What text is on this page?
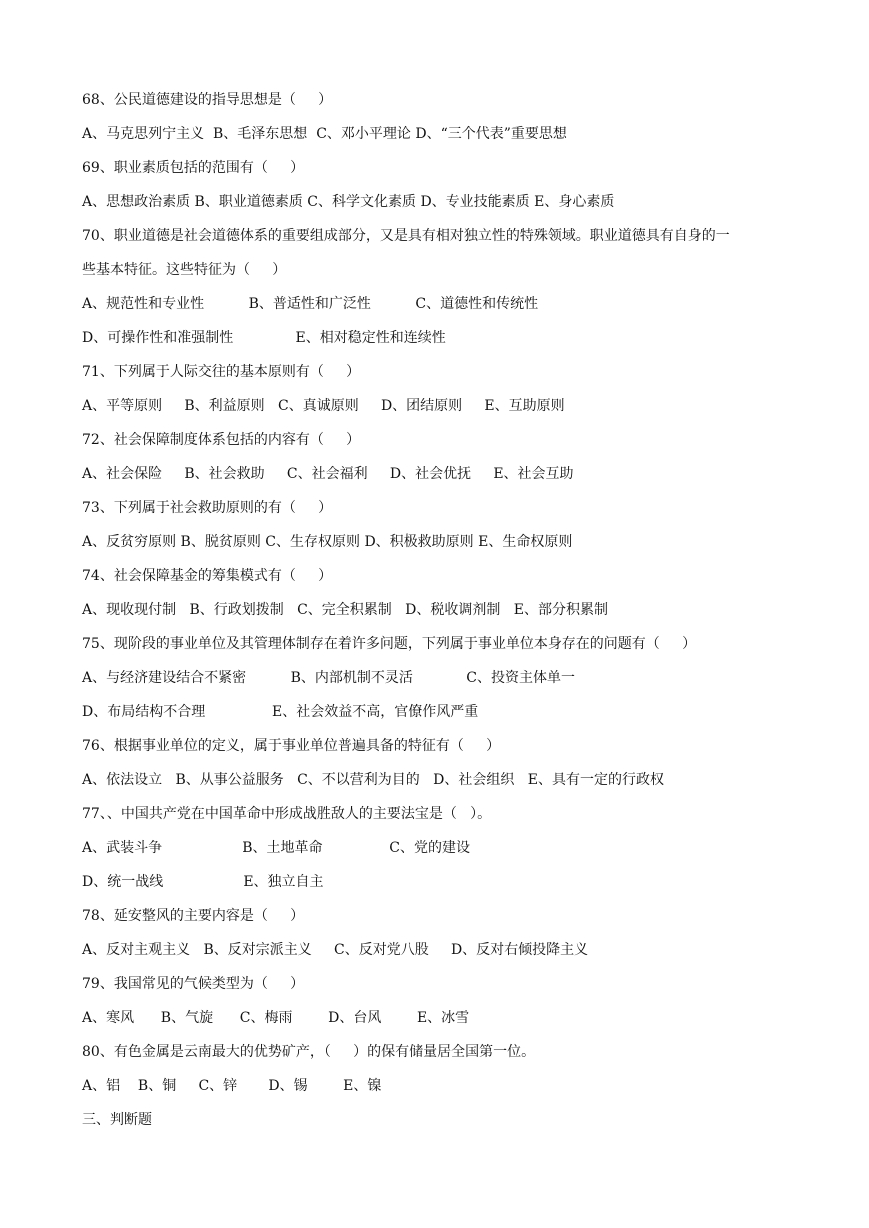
68、公民道德建设的指导思想是（     ）
A、马克思列宁主义  B、毛泽东思想  C、邓小平理论 D、“三个代表”重要思想
69、职业素质包括的范围有（     ）
A、思想政治素质 B、职业道德素质 C、科学文化素质 D、专业技能素质 E、身心素质
70、职业道德是社会道德体系的重要组成部分，又是具有相对独立性的特殊领域。职业道德具有自身的一
些基本特征。这些特征为（     ）
A、规范性和专业性          B、普适性和广泛性          C、道德性和传统性
D、可操作性和准强制性              E、相对稳定性和连续性
71、下列属于人际交往的基本原则有（     ）
A、平等原则     B、利益原则   C、真诚原则     D、团结原则     E、互助原则
72、社会保障制度体系包括的内容有（     ）
A、社会保险     B、社会救助     C、社会福利     D、社会优抚     E、社会互助
73、下列属于社会救助原则的有（     ）
A、反贫穷原则 B、脱贫原则 C、生存权原则 D、积极救助原则 E、生命权原则
74、社会保障基金的筹集模式有（     ）
A、现收现付制   B、行政划拨制   C、完全积累制   D、税收调剂制   E、部分积累制
75、现阶段的事业单位及其管理体制存在着许多问题，下列属于事业单位本身存在的问题有（     ）
A、与经济建设结合不紧密          B、内部机制不灵活            C、投资主体单一
D、布局结构不合理               E、社会效益不高，官僚作风严重
76、根据事业单位的定义，属于事业单位普遍具备的特征有（     ）
A、依法设立   B、从事公益服务   C、不以营利为目的   D、社会组织   E、具有一定的行政权
77、、中国共产党在中国革命中形成战胜敌人的主要法宝是（   ）。
A、武装斗争                  B、土地革命               C、党的建设
D、统一战线                  E、独立自主
78、延安整风的主要内容是（     ）
A、反对主观主义   B、反对宗派主义     C、反对党八股     D、反对右倾投降主义
79、我国常见的气候类型为（     ）
A、寒风      B、气旋      C、梅雨        D、台风        E、冰雪
80、有色金属是云南最大的优势矿产，（     ）的保有储量居全国第一位。
A、铝    B、铜     C、锌       D、锡        E、镍
三、判断题
